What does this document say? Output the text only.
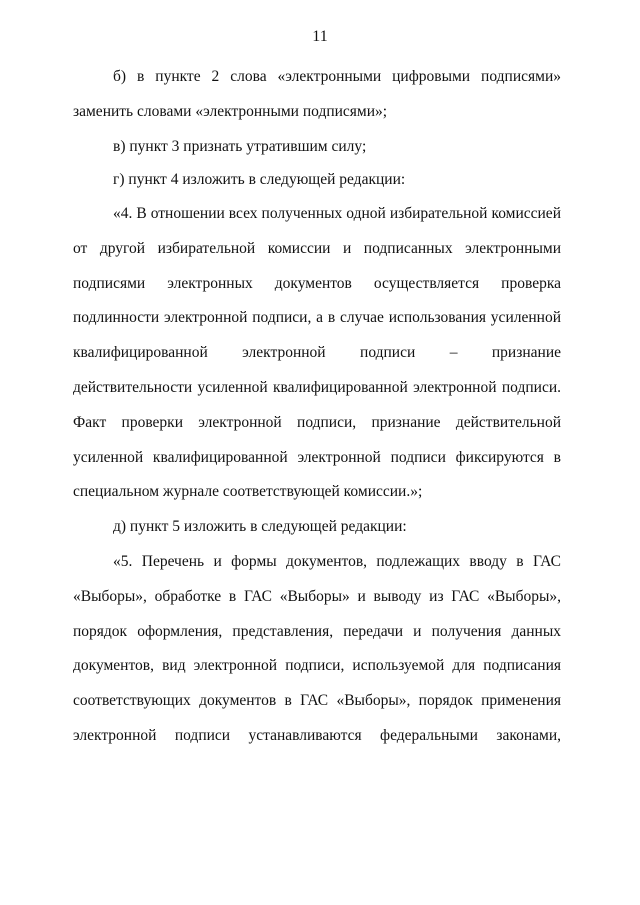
11

б) в пункте 2 слова «электронными цифровыми подписями» заменить словами «электронными подписями»;

в) пункт 3 признать утратившим силу;

г) пункт 4 изложить в следующей редакции:

«4. В отношении всех полученных одной избирательной комиссией от другой избирательной комиссии и подписанных электронными подписями электронных документов осуществляется проверка подлинности электронной подписи, а в случае использования усиленной квалифицированной электронной подписи – признание действительности усиленной квалифицированной электронной подписи. Факт проверки электронной подписи, признание действительной усиленной квалифицированной электронной подписи фиксируются в специальном журнале соответствующей комиссии.»;

д) пункт 5 изложить в следующей редакции:

«5. Перечень и формы документов, подлежащих вводу в ГАС «Выборы», обработке в ГАС «Выборы» и выводу из ГАС «Выборы», порядок оформления, представления, передачи и получения данных документов, вид электронной подписи, используемой для подписания соответствующих документов в ГАС «Выборы», порядок применения электронной подписи устанавливаются федеральными законами,
